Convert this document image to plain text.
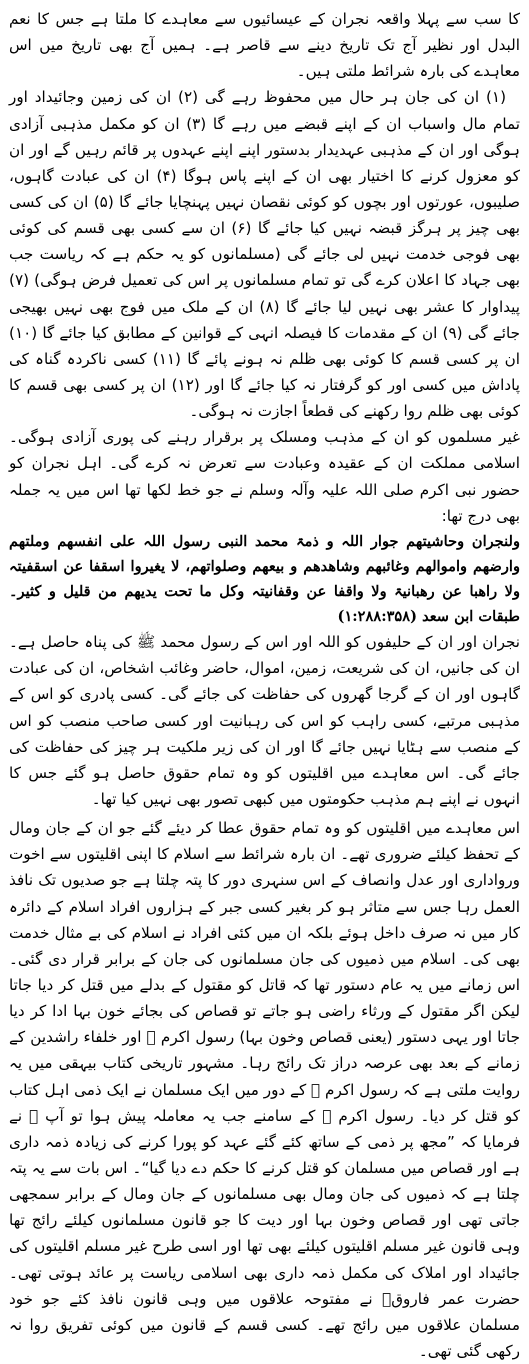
کا سب سے پہلا واقعہ نجران کے عیسائیوں سے معاہدے کا ملتا ہے جس کا نعم البدل اور نظیر آج تک تاریخ دینے سے قاصر ہے۔ ہمیں آج بھی تاریخ میں اس معاہدے کی بارہ شرائط ملتی ہیں۔

(۱) ان کی جان ہر حال میں محفوظ رہے گی (۲) ان کی زمین وجائیداد اور تمام مال واسباب ان کے اپنے قبضے میں رہے گا (۳) ان کو مکمل مذہبی آزادی ہوگی اور ان کے مذہبی عہدیدار بدستور اپنے اپنے عہدوں پر قائم رہیں گے اور ان کو معزول کرنے کا اختیار بھی ان کے اپنے پاس ہوگا (۴) ان کی عبادت گاہوں، صلیبوں، عورتوں اور بچوں کو کوئی نقصان نہیں پہنچایا جائے گا (۵) ان کی کسی بھی چیز پر ہرگز قبضہ نہیں کیا جائے گا (۶) ان سے کسی بھی قسم کی کوئی بھی فوجی خدمت نہیں لی جائے گی (مسلمانوں کو یہ حکم ہے کہ ریاست جب بھی جہاد کا اعلان کرے گی تو تمام مسلمانوں پر اس کی تعمیل فرض ہوگی) (۷) پیداوار کا عشر بھی نہیں لیا جائے گا (۸) ان کے ملک میں فوج بھی نہیں بھیجی جائے گی (۹) ان کے مقدمات کا فیصلہ انہی کے قوانین کے مطابق کیا جائے گا (۱۰) ان پر کسی قسم کا کوئی بھی ظلم نہ ہونے پائے گا (۱۱) کسی ناکردہ گناہ کی پاداش میں کسی اور کو گرفتار نہ کیا جائے گا اور (۱۲) ان پر کسی بھی قسم کا کوئی بھی ظلم روا رکھنے کی قطعاً اجازت نہ ہوگی۔

غیر مسلموں کو ان کے مذہب ومسلک پر برقرار رہنے کی پوری آزادی ہوگی۔ اسلامی مملکت ان کے عقیدہ وعبادت سے تعرض نہ کرے گی۔ اہل نجران کو حضور نبی اکرم صلی اللہ علیہ وآلہ وسلم نے جو خط لکھا تھا اس میں یہ جملہ بھی درج تھا:

ولنجران وحاشیتھم جوار اللہ و ذمۃ محمد النبی رسول اللہ علی انفسھم وملتھم وارضھم واموالھم وغائبھم وشاھدھم و بیعھم وصلواتھم، لا یغیروا اسقفا عن اسقفیتہ ولا راھبا عن رھبانیۃ ولا واقفا عن وقفانیتہ وکل ما تحت یدیھم من قلیل و کثیر۔ طبقات ابن سعد (۱:۲۸۸:۳۵۸)

نجران اور ان کے حلیفوں کو اللہ اور اس کے رسول محمد ﷺ کی پناہ حاصل ہے۔ ان کی جانیں، ان کی شریعت، زمین، اموال، حاضر وغائب اشخاص، ان کی عبادت گاہوں اور ان کے گرجا گھروں کی حفاظت کی جائے گی۔ کسی پادری کو اس کے مذہبی مرتبے، کسی راہب کو اس کی رہبانیت اور کسی صاحب منصب کو اس کے منصب سے ہٹایا نہیں جائے گا اور ان کی زیر ملکیت ہر چیز کی حفاظت کی جائے گی۔ اس معاہدے میں اقلیتوں کو وہ تمام حقوق حاصل ہو گئے جس کا انہوں نے اپنے ہم مذہب حکومتوں میں کبھی تصور بھی نہیں کیا تھا۔

اس معاہدے میں اقلیتوں کو وہ تمام حقوق عطا کر دیئے گئے جو ان کے جان ومال کے تحفظ کیلئے ضروری تھے۔ ان بارہ شرائط سے اسلام کا اپنی اقلیتوں سے اخوت ورواداری اور عدل وانصاف کے اس سنہری دور کا پتہ چلتا ہے جو صدیوں تک نافذ العمل رہا جس سے متاثر ہو کر بغیر کسی جبر کے ہزاروں افراد اسلام کے دائرہ کار میں نہ صرف داخل ہوئے بلکہ ان میں کئی افراد نے اسلام کی بے مثال خدمت بھی کی۔ اسلام میں ذمیوں کی جان مسلمانوں کی جان کے برابر قرار دی گئی۔ اس زمانے میں یہ عام دستور تھا کہ قاتل کو مقتول کے بدلے میں قتل کر دیا جاتا لیکن اگر مقتول کے ورثاء راضی ہو جاتے تو قصاص کی بجائے خون بہا ادا کر دیا جاتا اور یہی دستور (یعنی قصاص وخون بہا) رسول اکرم ﷺ اور خلفاء راشدین کے زمانے کے بعد بھی عرصہ دراز تک رائج رہا۔ مشہور تاریخی کتاب بیہقی میں یہ روایت ملتی ہے کہ رسول اکرم ﷺ کے دور میں ایک مسلمان نے ایک ذمی اہل کتاب کو قتل کر دیا۔ رسول اکرم ﷺ کے سامنے جب یہ معاملہ پیش ہوا تو آپ ﷺ نے فرمایا کہ ”مجھ پر ذمی کے ساتھ کئے گئے عہد کو پورا کرنے کی زیادہ ذمہ داری ہے اور قصاص میں مسلمان کو قتل کرنے کا حکم دے دیا گیا“۔ اس بات سے یہ پتہ چلتا ہے کہ ذمیوں کی جان ومال بھی مسلمانوں کے جان ومال کے برابر سمجھی جاتی تھی اور قصاص وخون بہا اور دیت کا جو قانون مسلمانوں کیلئے رائج تھا وہی قانون غیر مسلم اقلیتوں کیلئے بھی تھا اور اسی طرح غیر مسلم اقلیتوں کی جائیداد اور املاک کی مکمل ذمہ داری بھی اسلامی ریاست پر عائد ہوتی تھی۔ حضرت عمر فاروقؓ نے مفتوحہ علاقوں میں وہی قانون نافذ کئے جو خود مسلمان علاقوں میں رائج تھے۔ کسی قسم کے قانون میں کوئی تفریق روا نہ رکھی گئی تھی۔
